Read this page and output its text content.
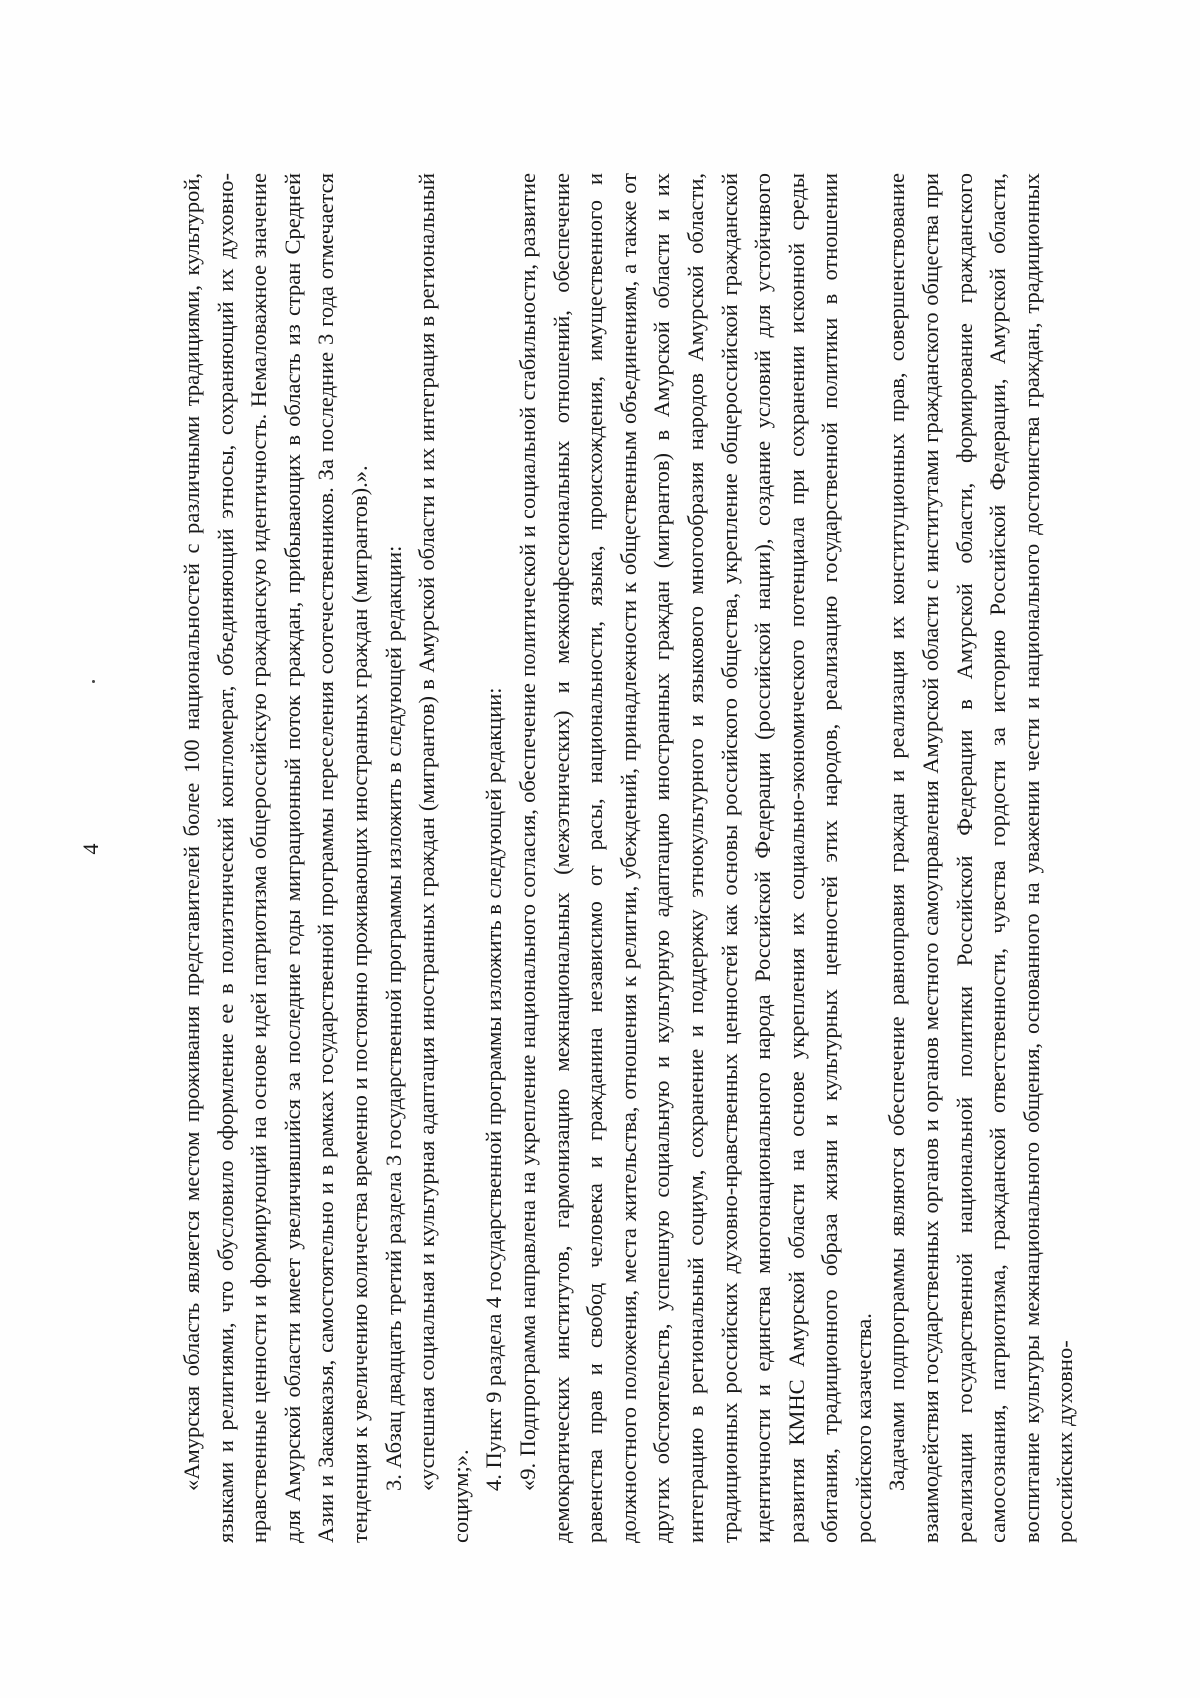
4	«Амурская область является местом проживания представителей более 100 национальностей с различными традициями, культурой, языками и религиями, что обусловило оформление ее в полиэтнический конгломерат, объединяющий этносы, сохраняющий их духовно-нравственные ценности и формирующий на основе идей патриотизма общероссийскую гражданскую идентичность. Немаловажное значение для Амурской области имеет увеличившийся за последние годы миграционный поток граждан, прибывающих в область из стран Средней Азии и Закавказья, самостоятельно и в рамках государственной программы переселения соотечественников. За последние 3 года отмечается тенденция к увеличению количества временно и постоянно проживающих иностранных граждан (мигрантов).». 3. Абзац двадцать третий раздела 3 государственной программы изложить в следующей редакции: «успешная социальная и культурная адаптация иностранных граждан (мигрантов) в Амурской области и их интеграция в региональный социум;».

4. Пункт 9 раздела 4 государственной программы изложить в следующей редакции: «9. Подпрограмма направлена на укрепление национального согласия, обеспечение политической и социальной стабильности, развитие демократических институтов, гармонизацию межнациональных (межэтнических) и межконфессиональных отношений, обеспечение равенства прав и свобод человека и гражданина независимо от расы, национальности, языка, происхождения, имущественного и должностного положения, места жительства, отношения к религии, убеждений, принадлежности к общественным объединениям, а также от других обстоятельств, успешную социальную и культурную адаптацию иностранных граждан (мигрантов) в Амурской области и их интеграцию в региональный социум, сохранение и поддержку этнокультурного и языкового многообразия народов Амурской области, традиционных российских духовно-нравственных ценностей как основы российского общества, укрепление общероссийской гражданской идентичности и единства многонационального народа Российской Федерации (российской нации), создание условий для устойчивого развития КМНС Амурской области на основе укрепления их социально-экономического потенциала при сохранении исконной среды обитания, традиционного образа жизни и культурных ценностей этих народов, реализацию государственной политики в отношении российского казачества. Задачами подпрограммы являются обеспечение равноправия граждан и реализация их конституционных прав, совершенствование взаимодействия государственных органов и органов местного самоуправления Амурской области с институтами гражданского общества при реализации государственной национальной политики Российской Федерации в Амурской области, формирование гражданского самосознания, патриотизма, гражданской ответственности, чувства гордости за историю Российской Федерации, Амурской области, воспитание культуры межнационального общения, основанного на уважении чести и национального достоинства граждан, традиционных российских духовно-
